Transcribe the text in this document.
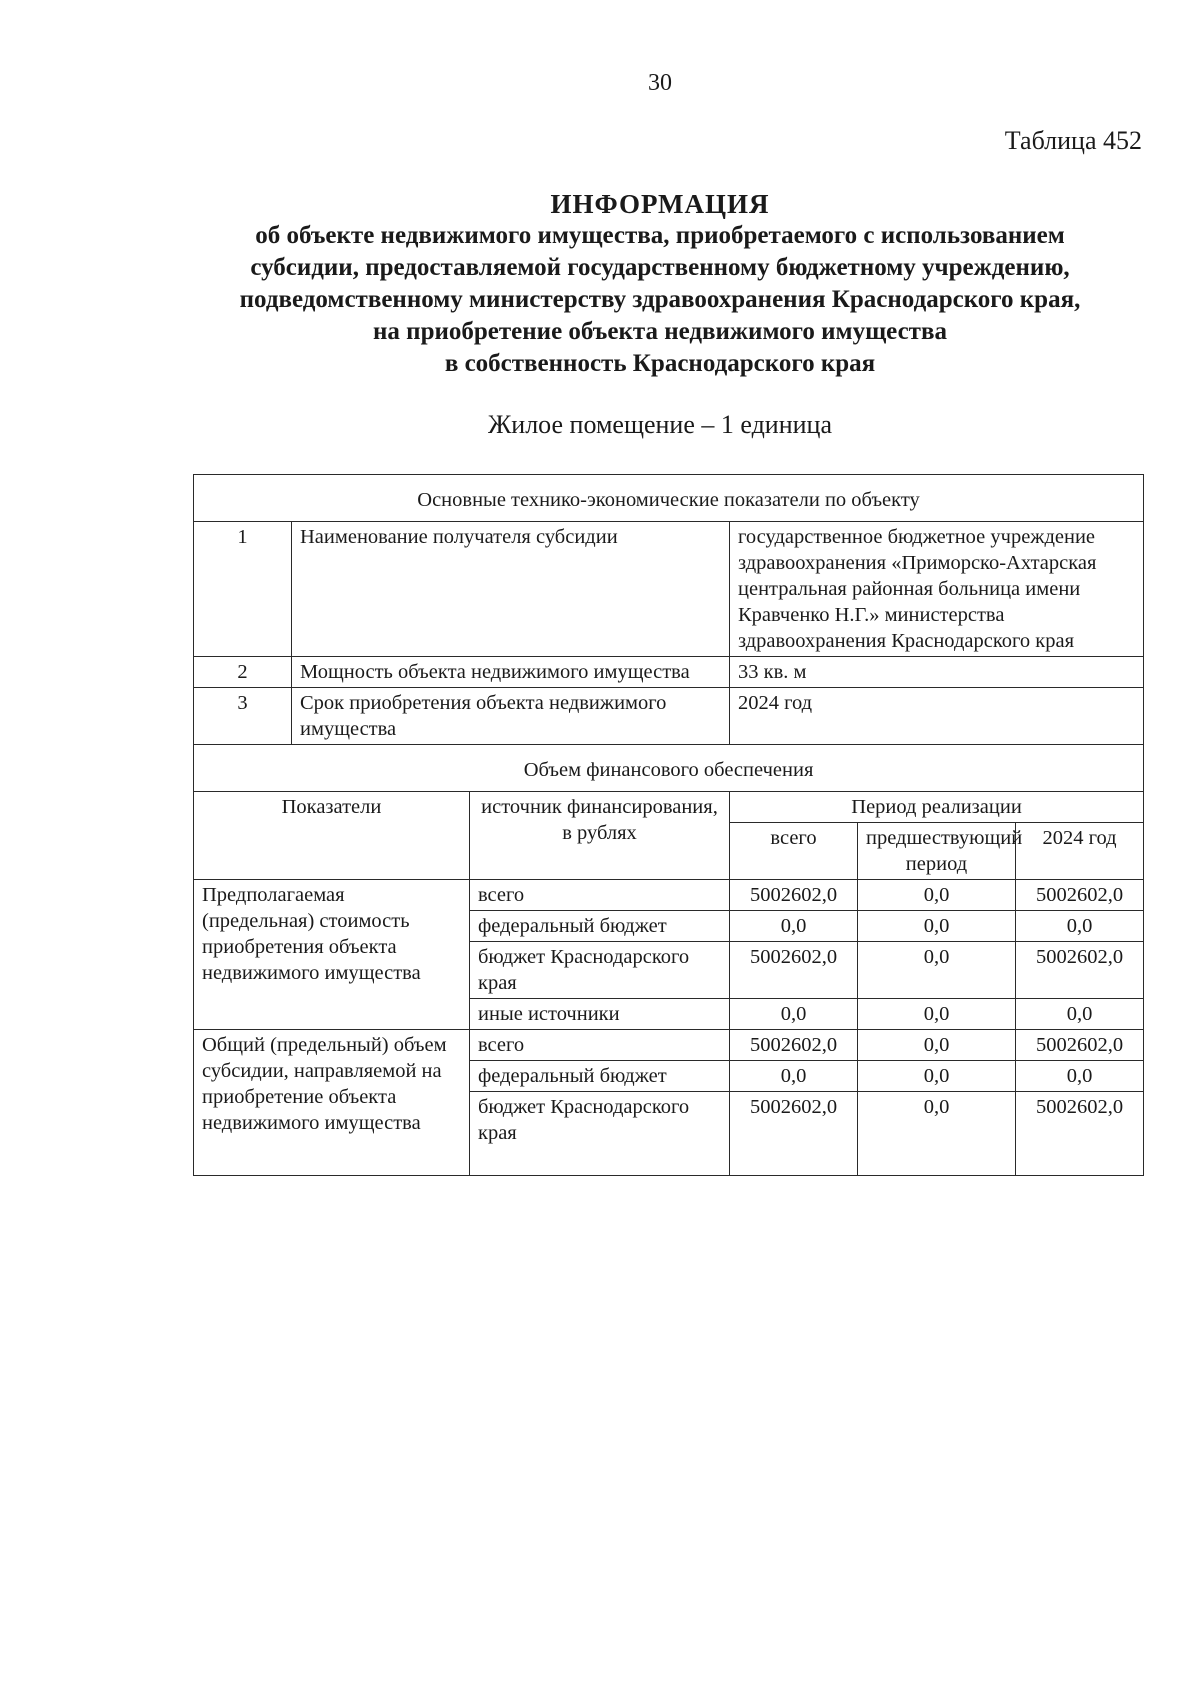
30
Таблица 452
ИНФОРМАЦИЯ
об объекте недвижимого имущества, приобретаемого с использованием
субсидии, предоставляемой государственному бюджетному учреждению,
подведомственному министерству здравоохранения Краснодарского края,
на приобретение объекта недвижимого имущества
в собственность Краснодарского края
Жилое помещение – 1 единица
Основные технико-экономические показатели по объекту					
1	Наименование получателя субсидии		государственное бюджетное учреждение здравоохранения «Приморско-Ахтарская центральная районная больница имени Кравченко Н.Г.» министерства здравоохранения Краснодарского края		
2	Мощность объекта недвижимого имущества		33 кв. м		
3	Срок приобретения объекта недвижимого имущества		2024 год		
Объем финансового обеспечения					
Показатели		источник финансирования, в рублях	Период реализации		
			всего	предшествующий период	2024 год
Предполагаемая (предельная) стоимость приобретения объекта недвижимого имущества		всего	5002602,0	0,0	5002602,0
		федеральный бюджет	0,0	0,0	0,0
		бюджет Краснодарского края	5002602,0	0,0	5002602,0
		иные источники	0,0	0,0	0,0
Общий (предельный) объем субсидии, направляемой на приобретение объекта недвижимого имущества		всего	5002602,0	0,0	5002602,0
		федеральный бюджет	0,0	0,0	0,0
		бюджет Краснодарского края	5002602,0	0,0	5002602,0
